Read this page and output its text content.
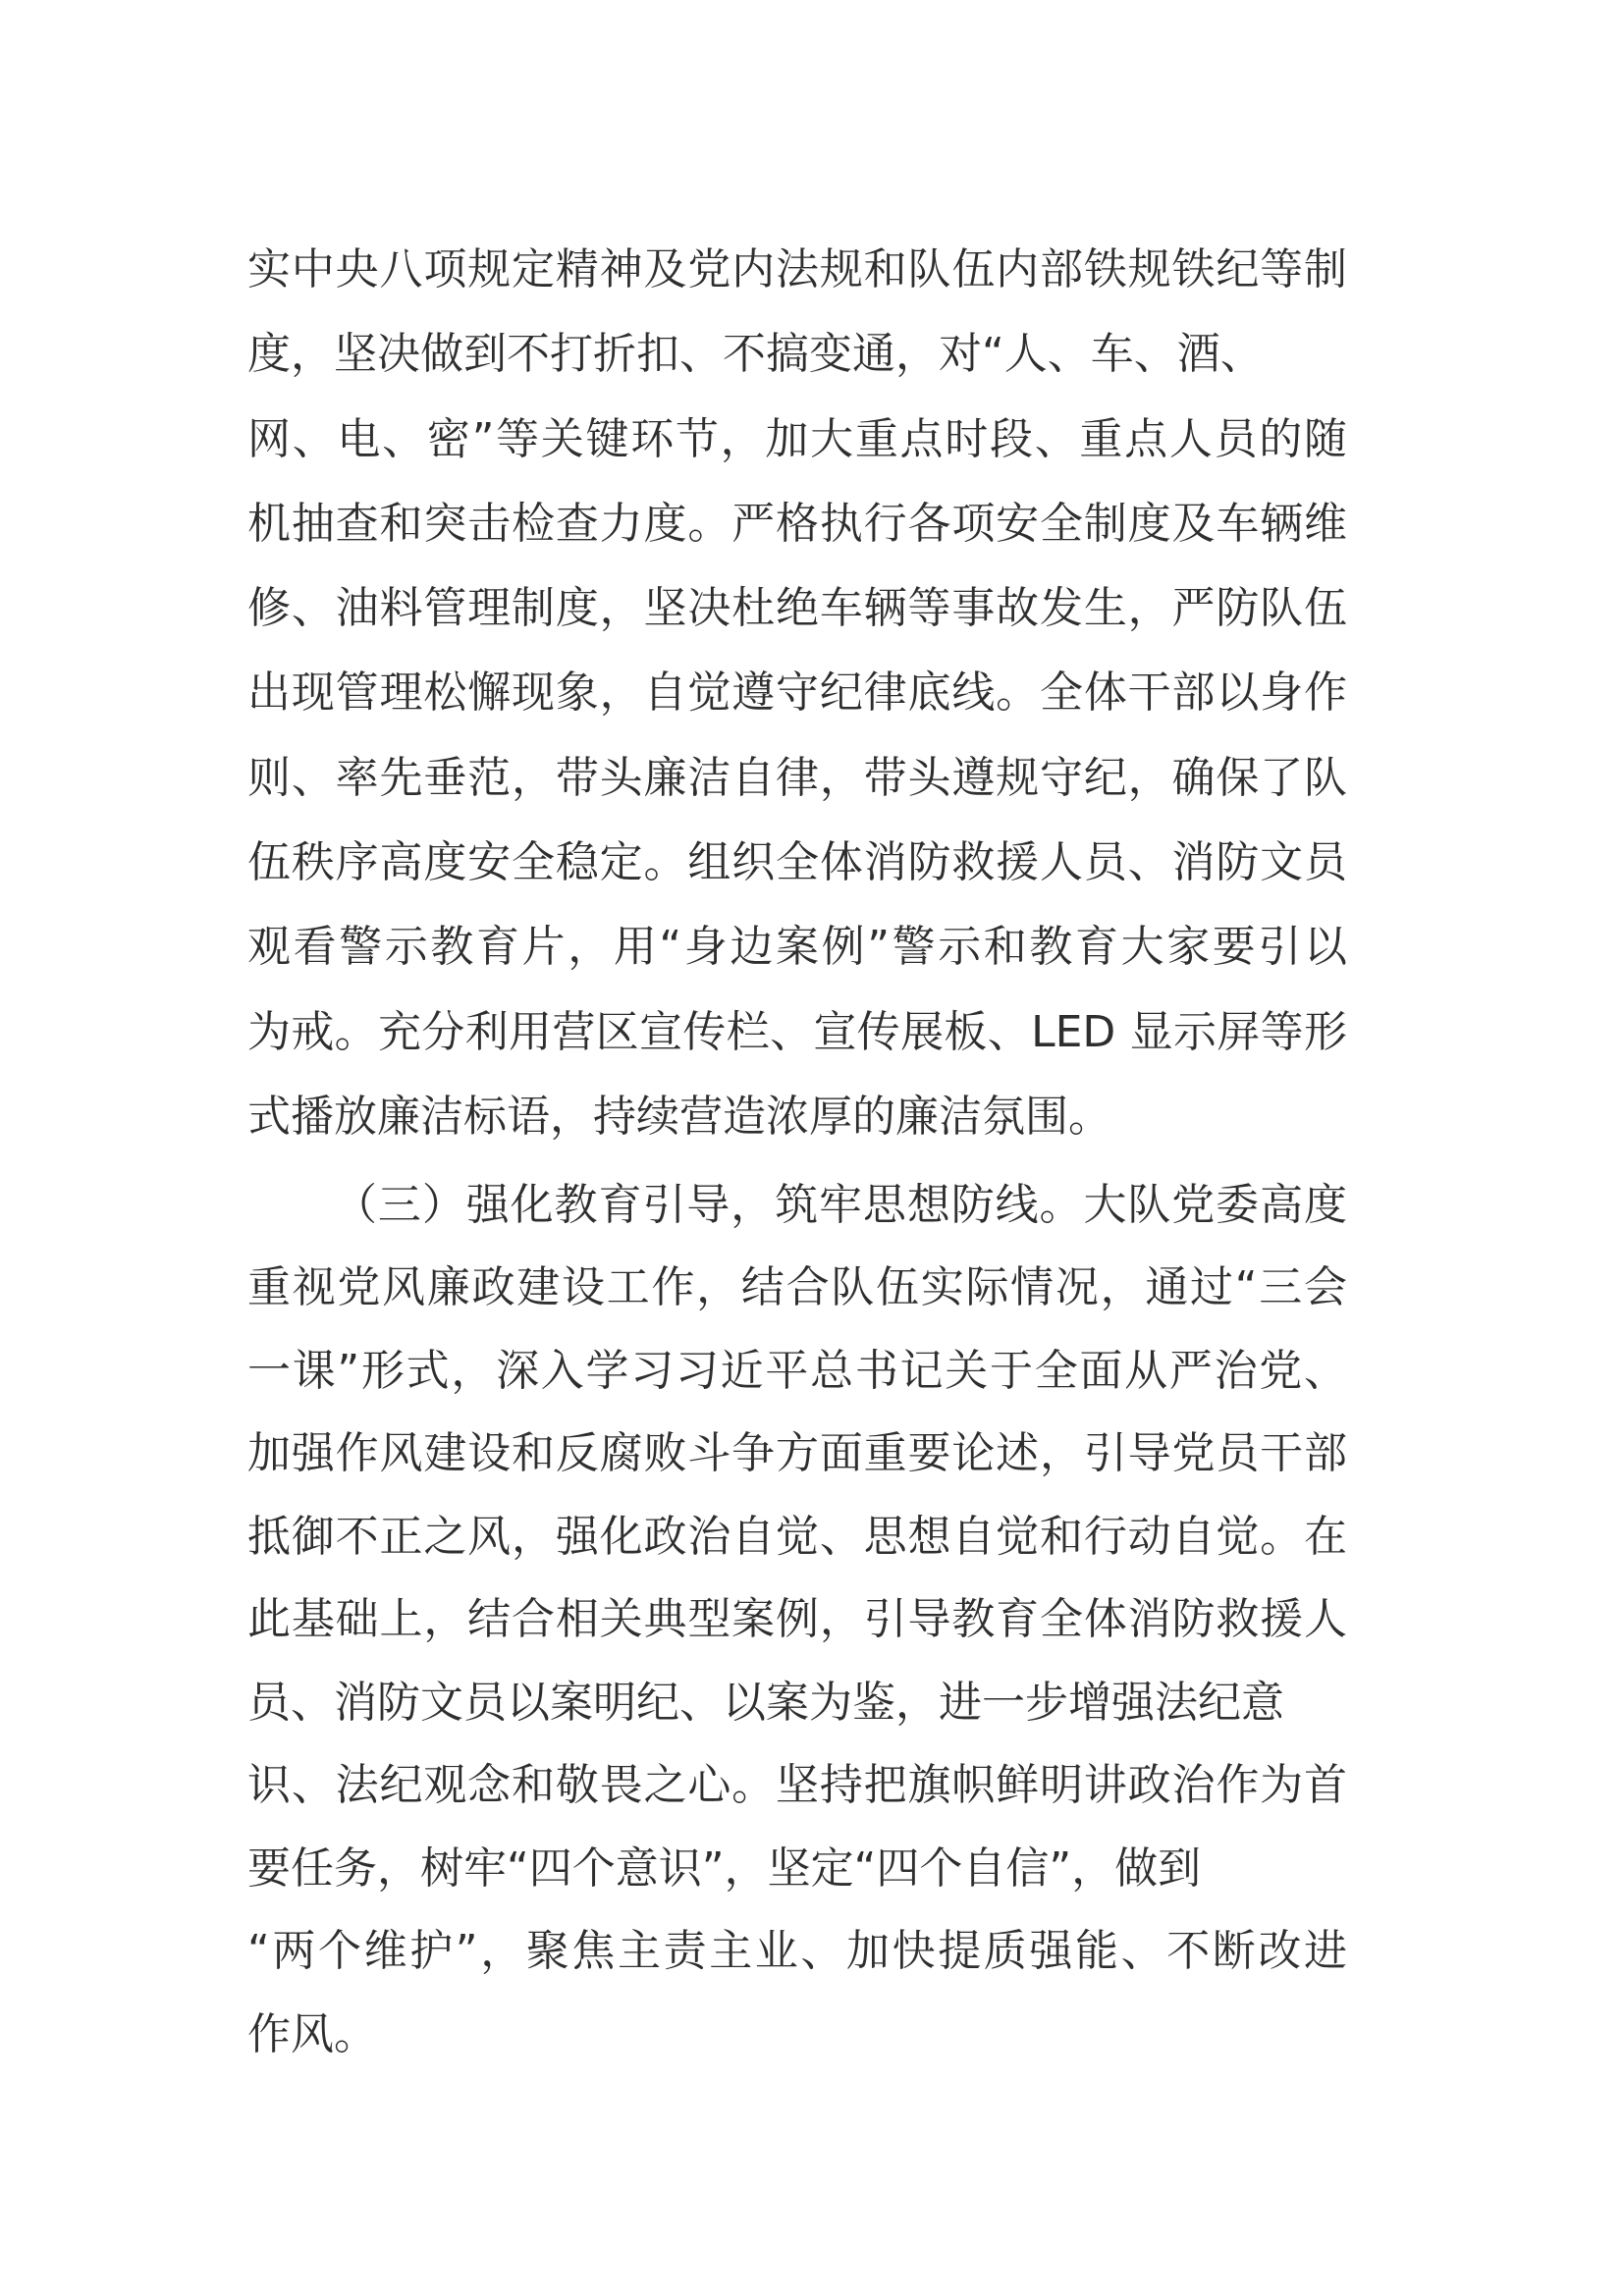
实中央八项规定精神及党内法规和队伍内部铁规铁纪等制
度，坚决做到不打折扣、不搞变通，对“人、车、酒、
网、电、密”等关键环节，加大重点时段、重点人员的随
机抽查和突击检查力度。严格执行各项安全制度及车辆维
修、油料管理制度，坚决杜绝车辆等事故发生，严防队伍
出现管理松懈现象，自觉遵守纪律底线。全体干部以身作
则、率先垂范，带头廉洁自律，带头遵规守纪，确保了队
伍秩序高度安全稳定。组织全体消防救援人员、消防文员
观看警示教育片，用“身边案例”警示和教育大家要引以
为戒。充分利用营区宣传栏、宣传展板、LED 显示屏等形
式播放廉洁标语，持续营造浓厚的廉洁氛围。
（三）强化教育引导，筑牢思想防线。大队党委高度
重视党风廉政建设工作，结合队伍实际情况，通过“三会
一课”形式，深入学习习近平总书记关于全面从严治党、
加强作风建设和反腐败斗争方面重要论述，引导党员干部
抵御不正之风，强化政治自觉、思想自觉和行动自觉。在
此基础上，结合相关典型案例，引导教育全体消防救援人
员、消防文员以案明纪、以案为鉴，进一步增强法纪意
识、法纪观念和敬畏之心。坚持把旗帜鲜明讲政治作为首
要任务，树牢“四个意识”，坚定“四个自信”，做到
“两个维护”，聚焦主责主业、加快提质强能、不断改进
作风。
